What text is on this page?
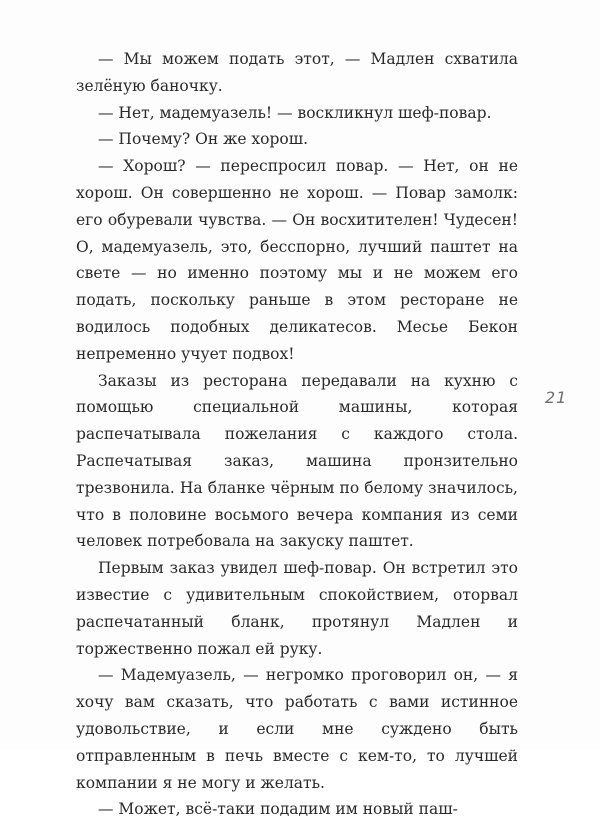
— Мы можем подать этот, — Мадлен схватила зелёную баночку.

— Нет, мадемуазель! — воскликнул шеф-повар.

— Почему? Он же хорош.

— Хорош? — переспросил повар. — Нет, он не хорош. Он совершенно не хорош. — Повар замолк: его обуревали чувства. — Он восхитителен! Чудесен! О, мадемуазель, это, бесспорно, лучший паштет на свете — но именно поэтому мы и не можем его подать, поскольку раньше в этом ресторане не водилось подобных деликатесов. Месье Бекон непременно учует подвох!

Заказы из ресторана передавали на кухню с помощью специальной машины, которая распечатывала пожелания с каждого стола. Распечатывая заказ, машина пронзительно трезвонила. На бланке чёрным по белому значилось, что в половине восьмого вечера компания из семи человек потребовала на закуску паштет.

Первым заказ увидел шеф-повар. Он встретил это известие с удивительным спокойствием, оторвал распечатанный бланк, протянул Мадлен и торжественно пожал ей руку.

— Мадемуазель, — негромко проговорил он, — я хочу вам сказать, что работать с вами истинное удовольствие, и если мне суждено быть отправленным в печь вместе с кем-то, то лучшей компании я не могу и желать.

— Может, всё-таки подадим им новый паш-

21
